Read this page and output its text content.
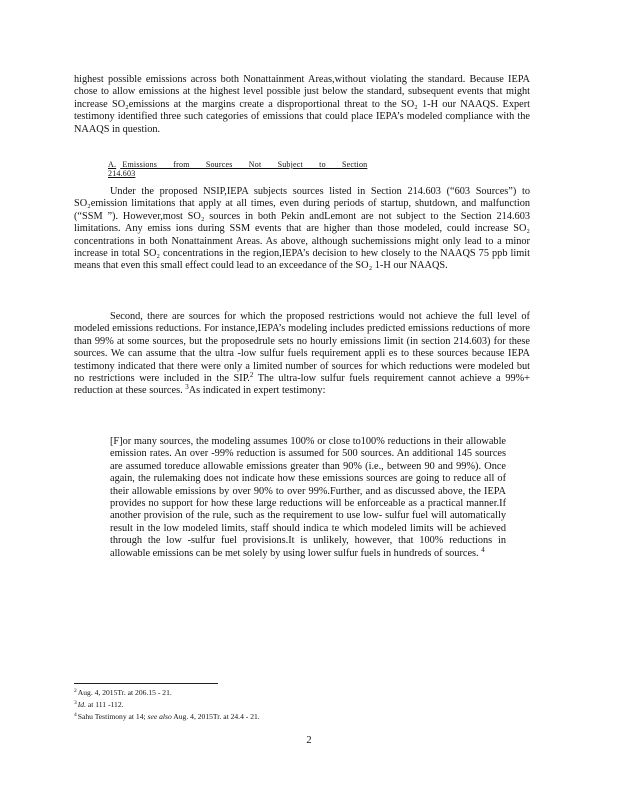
highest possible emissions across both Nonattainment Areas,without violating the standard. Because IEPA chose to allow emissions at the highest level possible just below the standard, subsequent events that might increase SO₂emissions at the margins create a disproportional threat to the SO₂ 1-H our NAAQS. Expert testimony identified three such categories of emissions that could place IEPA’s modeled compliance with the NAAQS in question.

A. Emissions from Sources Not Subject to Section 214.603

Under the proposed NSIP,IEPA subjects sources listed in Section 214.603 (“603 Sources”) to SO₂emission limitations that apply at all times, even during periods of startup, shutdown, and malfunction (“SSM ”). However,most SO₂ sources in both Pekin andLemont are not subject to the Section 214.603 limitations. Any emiss ions during SSM events that are higher than those modeled, could increase SO₂ concentrations in both Nonattainment Areas. As above, although suchemissions might only lead to a minor increase in total SO₂ concentrations in the region,IEPA’s decision to hew closely to the NAAQS 75 ppb limit means that even this small effect could lead to an exceedance of the SO₂ 1-H our NAAQS.

Second, there are sources for which the proposed restrictions would not achieve the full level of modeled emissions reductions. For instance,IEPA’s modeling includes predicted emissions reductions of more than 99% at some sources, but the proposedrule sets no hourly emissions limit (in section 214.603) for these sources. We can assume that the ultra -low sulfur fuels requirement appli es to these sources because IEPA testimony indicated that there were only a limited number of sources for which reductions were modeled but no restrictions were included in the SIP.$^2$ The ultra-low sulfur fuels requirement cannot achieve a 99%+ reduction at these sources. $^3$As indicated in expert testimony:

[F]or many sources, the modeling assumes 100% or close to100% reductions in their allowable emission rates. An over -99% reduction is assumed for 500 sources. An additional 145 sources are assumed toreduce allowable emissions greater than 90% (i.e., between 90 and 99%). Once again, the rulemaking does not indicate how these emissions sources are going to reduce all of their allowable emissions by over 90% to over 99%.Further, and as discussed above, the IEPA provides no support for how these large reductions will be enforceable as a practical manner.If another provision of the rule, such as the requirement to use low- sulfur fuel will automatically result in the low modeled limits, staff should indica te which modeled limits will be achieved through the low -sulfur fuel provisions.It is unlikely, however, that 100% reductions in allowable emissions can be met solely by using lower sulfur fuels in hundreds of sources. $^4$

$^2$Aug. 4, 2015Tr. at 206.15 - 21.
$^3$Id. at 111 -112.
$^4$Sahu Testimony at 14; see also Aug. 4, 2015Tr. at 24.4 - 21.
2
